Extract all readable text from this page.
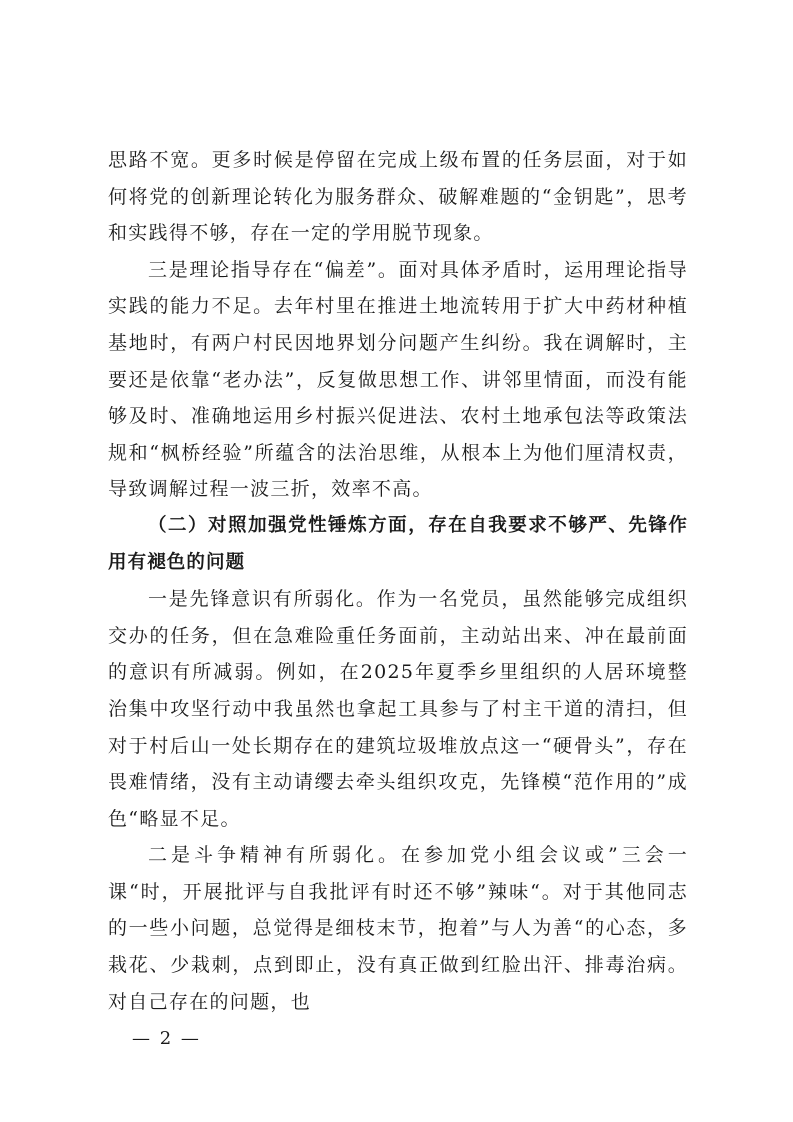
思路不宽。更多时候是停留在完成上级布置的任务层面，对于如何将党的创新理论转化为服务群众、破解难题的“金钥匙”，思考和实践得不够，存在一定的学用脱节现象。

三是理论指导存在“偏差”。面对具体矛盾时，运用理论指导实践的能力不足。去年村里在推进土地流转用于扩大中药材种植基地时，有两户村民因地界划分问题产生纠纷。我在调解时，主要还是依靠“老办法”，反复做思想工作、讲邻里情面，而没有能够及时、准确地运用乡村振兴促进法、农村土地承包法等政策法规和“枫桥经验”所蕴含的法治思维，从根本上为他们厘清权责，导致调解过程一波三折，效率不高。

（二）对照加强党性锤炼方面，存在自我要求不够严、先锋作用有褪色的问题

一是先锋意识有所弱化。作为一名党员，虽然能够完成组织交办的任务，但在急难险重任务面前，主动站出来、冲在最前面的意识有所减弱。例如，在2025年夏季乡里组织的人居环境整治集中攻坚行动中我虽然也拿起工具参与了村主干道的清扫，但对于村后山一处长期存在的建筑垃圾堆放点这一“硬骨头”，存在畏难情绪，没有主动请缨去牵头组织攻克，先锋模“范作用的”成色“略显不足。

二是斗争精神有所弱化。在参加党小组会议或”三会一课“时，开展批评与自我批评有时还不够”辣味“。对于其他同志的一些小问题，总觉得是细枝末节，抱着”与人为善“的心态，多栽花、少栽刺，点到即止，没有真正做到红脸出汗、排毒治病。对自己存在的问题，也

— 2 —
